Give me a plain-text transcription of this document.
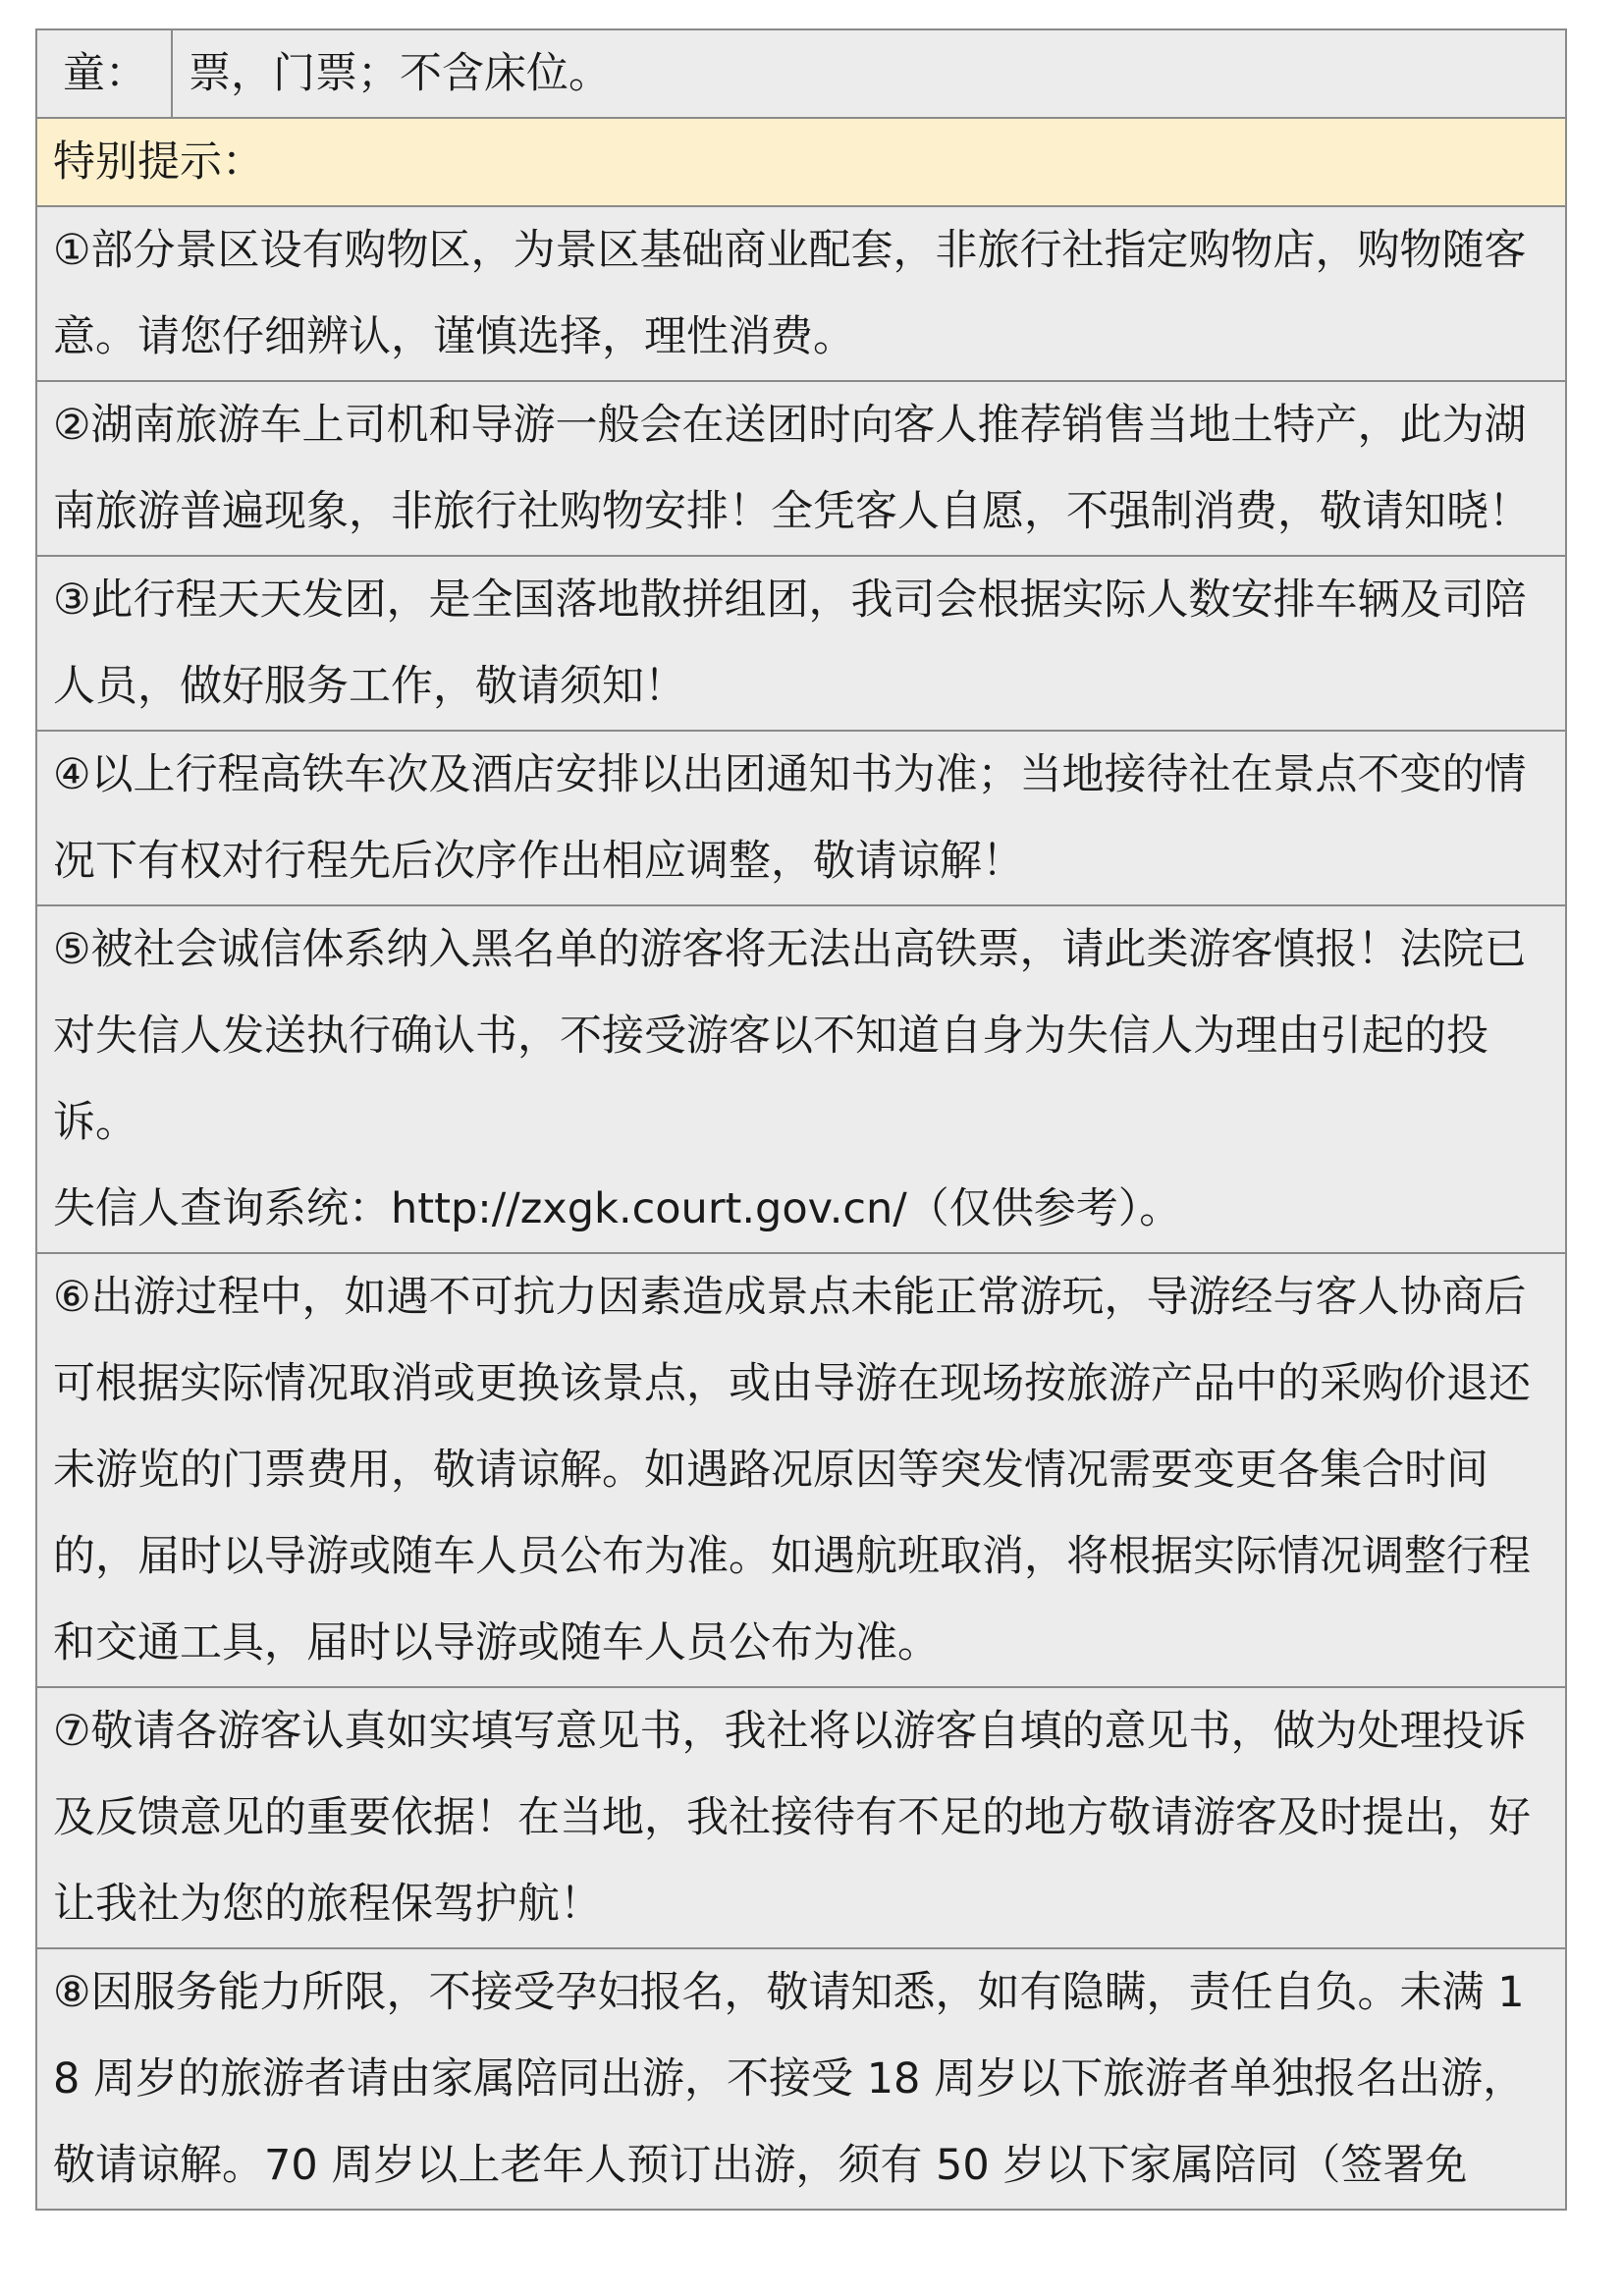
童：	票，门票；不含床位。
特别提示：
①部分景区设有购物区，为景区基础商业配套，非旅行社指定购物店，购物随客意。请您仔细辨认，谨慎选择，理性消费。
②湖南旅游车上司机和导游一般会在送团时向客人推荐销售当地土特产，此为湖南旅游普遍现象，非旅行社购物安排！全凭客人自愿，不强制消费，敬请知晓！
③此行程天天发团，是全国落地散拼组团，我司会根据实际人数安排车辆及司陪人员，做好服务工作，敬请须知！
④以上行程高铁车次及酒店安排以出团通知书为准；当地接待社在景点不变的情况下有权对行程先后次序作出相应调整，敬请谅解！

⑤被社会诚信体系纳入黑名单的游客将无法出高铁票，请此类游客慎报！法院已对失信人发送执行确认书，不接受游客以不知道自身为失信人为理由引起的投诉。
失信人查询系统：http://zxgk.court.gov.cn/（仅供参考）。

⑥出游过程中，如遇不可抗力因素造成景点未能正常游玩，导游经与客人协商后可根据实际情况取消或更换该景点，或由导游在现场按旅游产品中的采购价退还未游览的门票费用，敬请谅解。如遇路况原因等突发情况需要变更各集合时间的，届时以导游或随车人员公布为准。如遇航班取消，将根据实际情况调整行程和交通工具，届时以导游或随车人员公布为准。
⑦敬请各游客认真如实填写意见书，我社将以游客自填的意见书，做为处理投诉及反馈意见的重要依据！在当地，我社接待有不足的地方敬请游客及时提出，好让我社为您的旅程保驾护航！
⑧因服务能力所限，不接受孕妇报名，敬请知悉，如有隐瞒，责任自负。未满 18 周岁的旅游者请由家属陪同出游，不接受 18 周岁以下旅游者单独报名出游，敬请谅解。70 周岁以上老年人预订出游，须有 50 岁以下家属陪同（签署免
